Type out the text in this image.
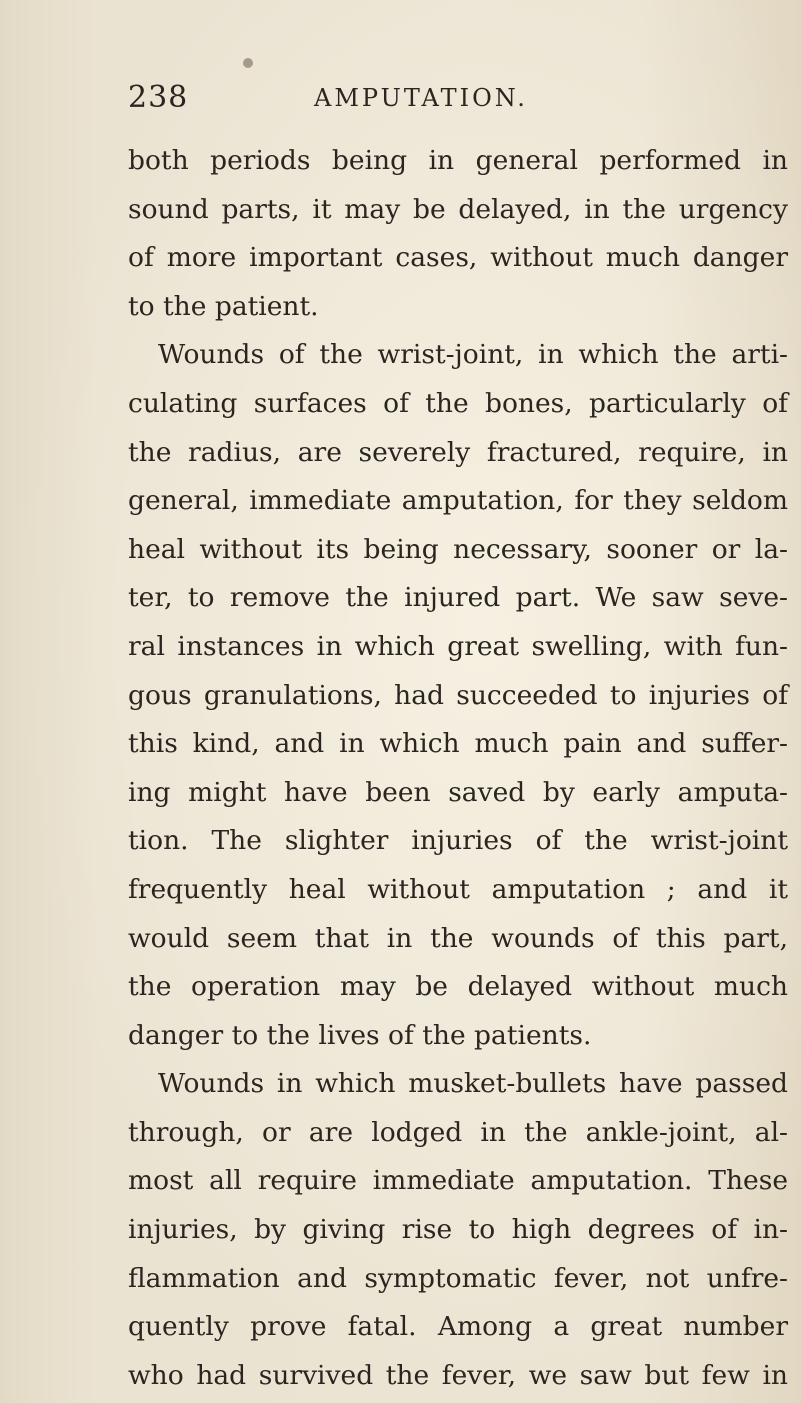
238	AMPUTATION.
both periods being in general performed in
sound parts, it may be delayed, in the urgency
of more important cases, without much danger
to the patient.
Wounds of the wrist-joint, in which the arti-
culating surfaces of the bones, particularly of
the radius, are severely fractured, require, in
general, immediate amputation, for they seldom
heal without its being necessary, sooner or la-
ter, to remove the injured part. We saw seve-
ral instances in which great swelling, with fun-
gous granulations, had succeeded to injuries of
this kind, and in which much pain and suffer-
ing might have been saved by early amputa-
tion. The slighter injuries of the wrist-joint
frequently heal without amputation ; and it
would seem that in the wounds of this part,
the operation may be delayed without much
danger to the lives of the patients.
Wounds in which musket-bullets have passed
through, or are lodged in the ankle-joint, al-
most all require immediate amputation. These
injuries, by giving rise to high degrees of in-
flammation and symptomatic fever, not unfre-
quently prove fatal. Among a great number
who had survived the fever, we saw but few in
